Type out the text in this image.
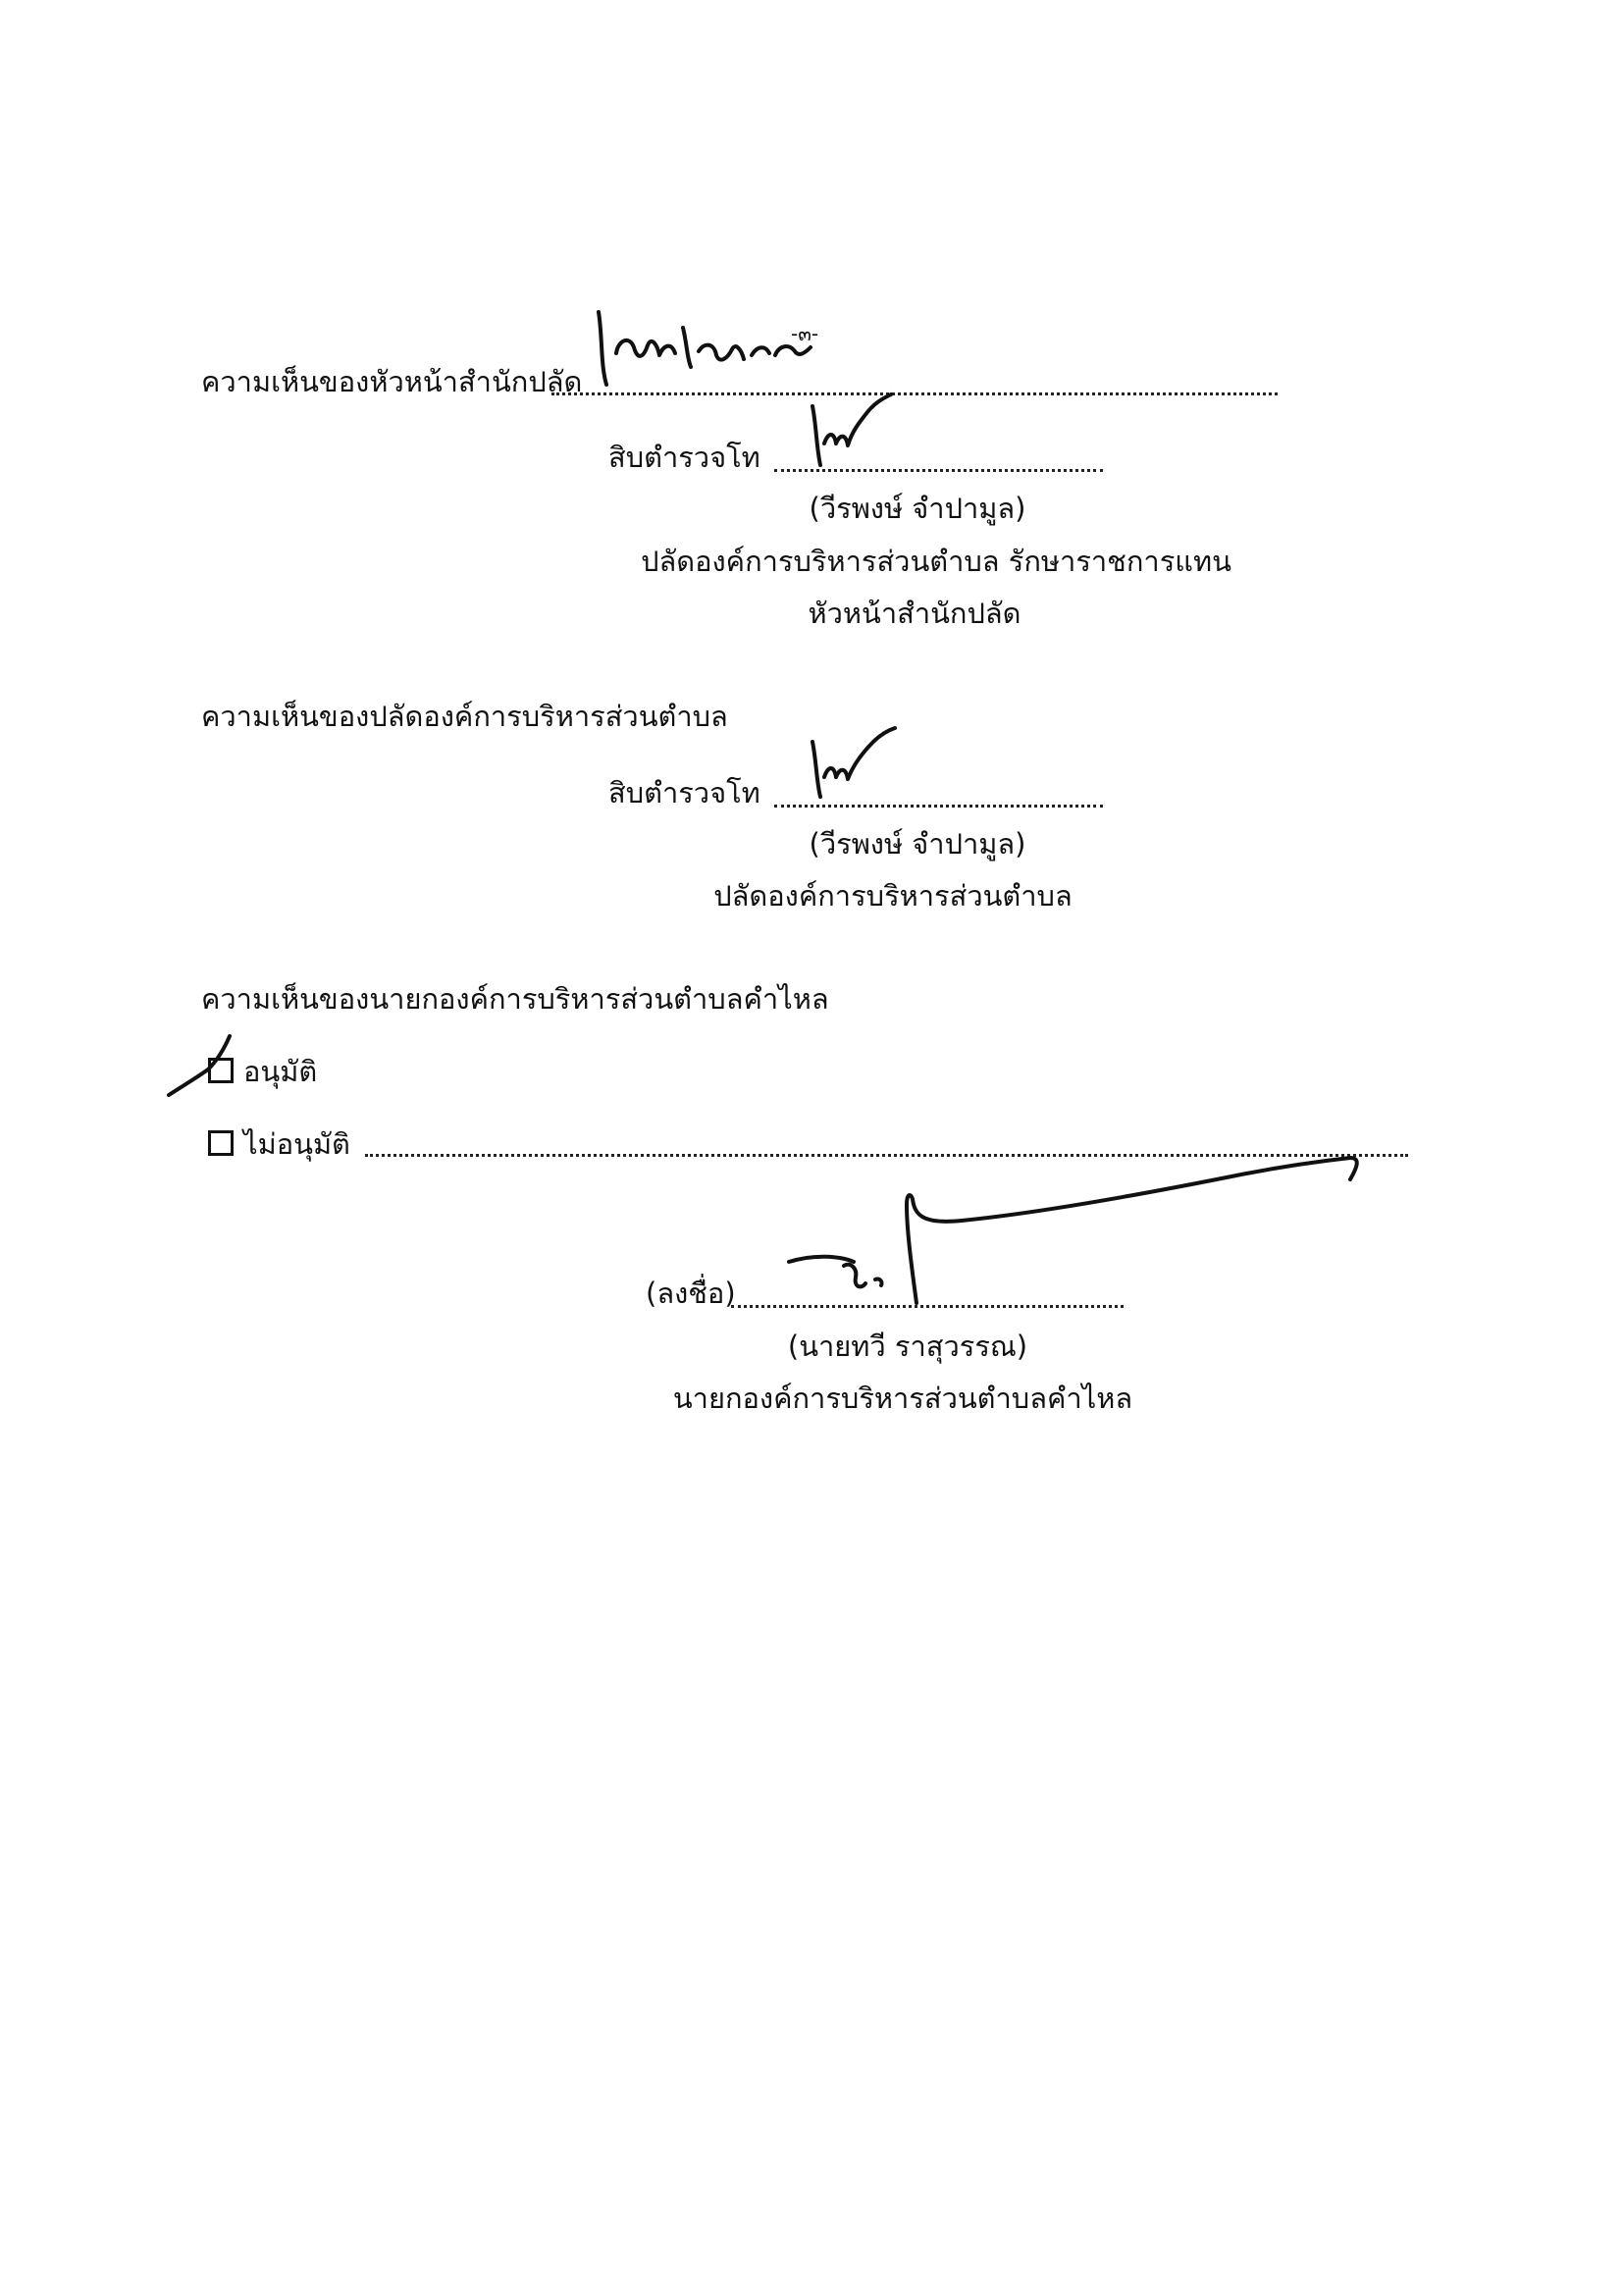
-๓-
ความเห็นของหัวหน้าสำนักปลัด
สิบตำรวจโท
(วีรพงษ์ จำปามูล)
ปลัดองค์การบริหารส่วนตำบล รักษาราชการแทน
หัวหน้าสำนักปลัด
ความเห็นของปลัดองค์การบริหารส่วนตำบล
สิบตำรวจโท
(วีรพงษ์ จำปามูล)
ปลัดองค์การบริหารส่วนตำบล
ความเห็นของนายกองค์การบริหารส่วนตำบลคำไหล
อนุมัติ
ไม่อนุมัติ
(ลงชื่อ)
(นายทวี ราสุวรรณ)
นายกองค์การบริหารส่วนตำบลคำไหล
